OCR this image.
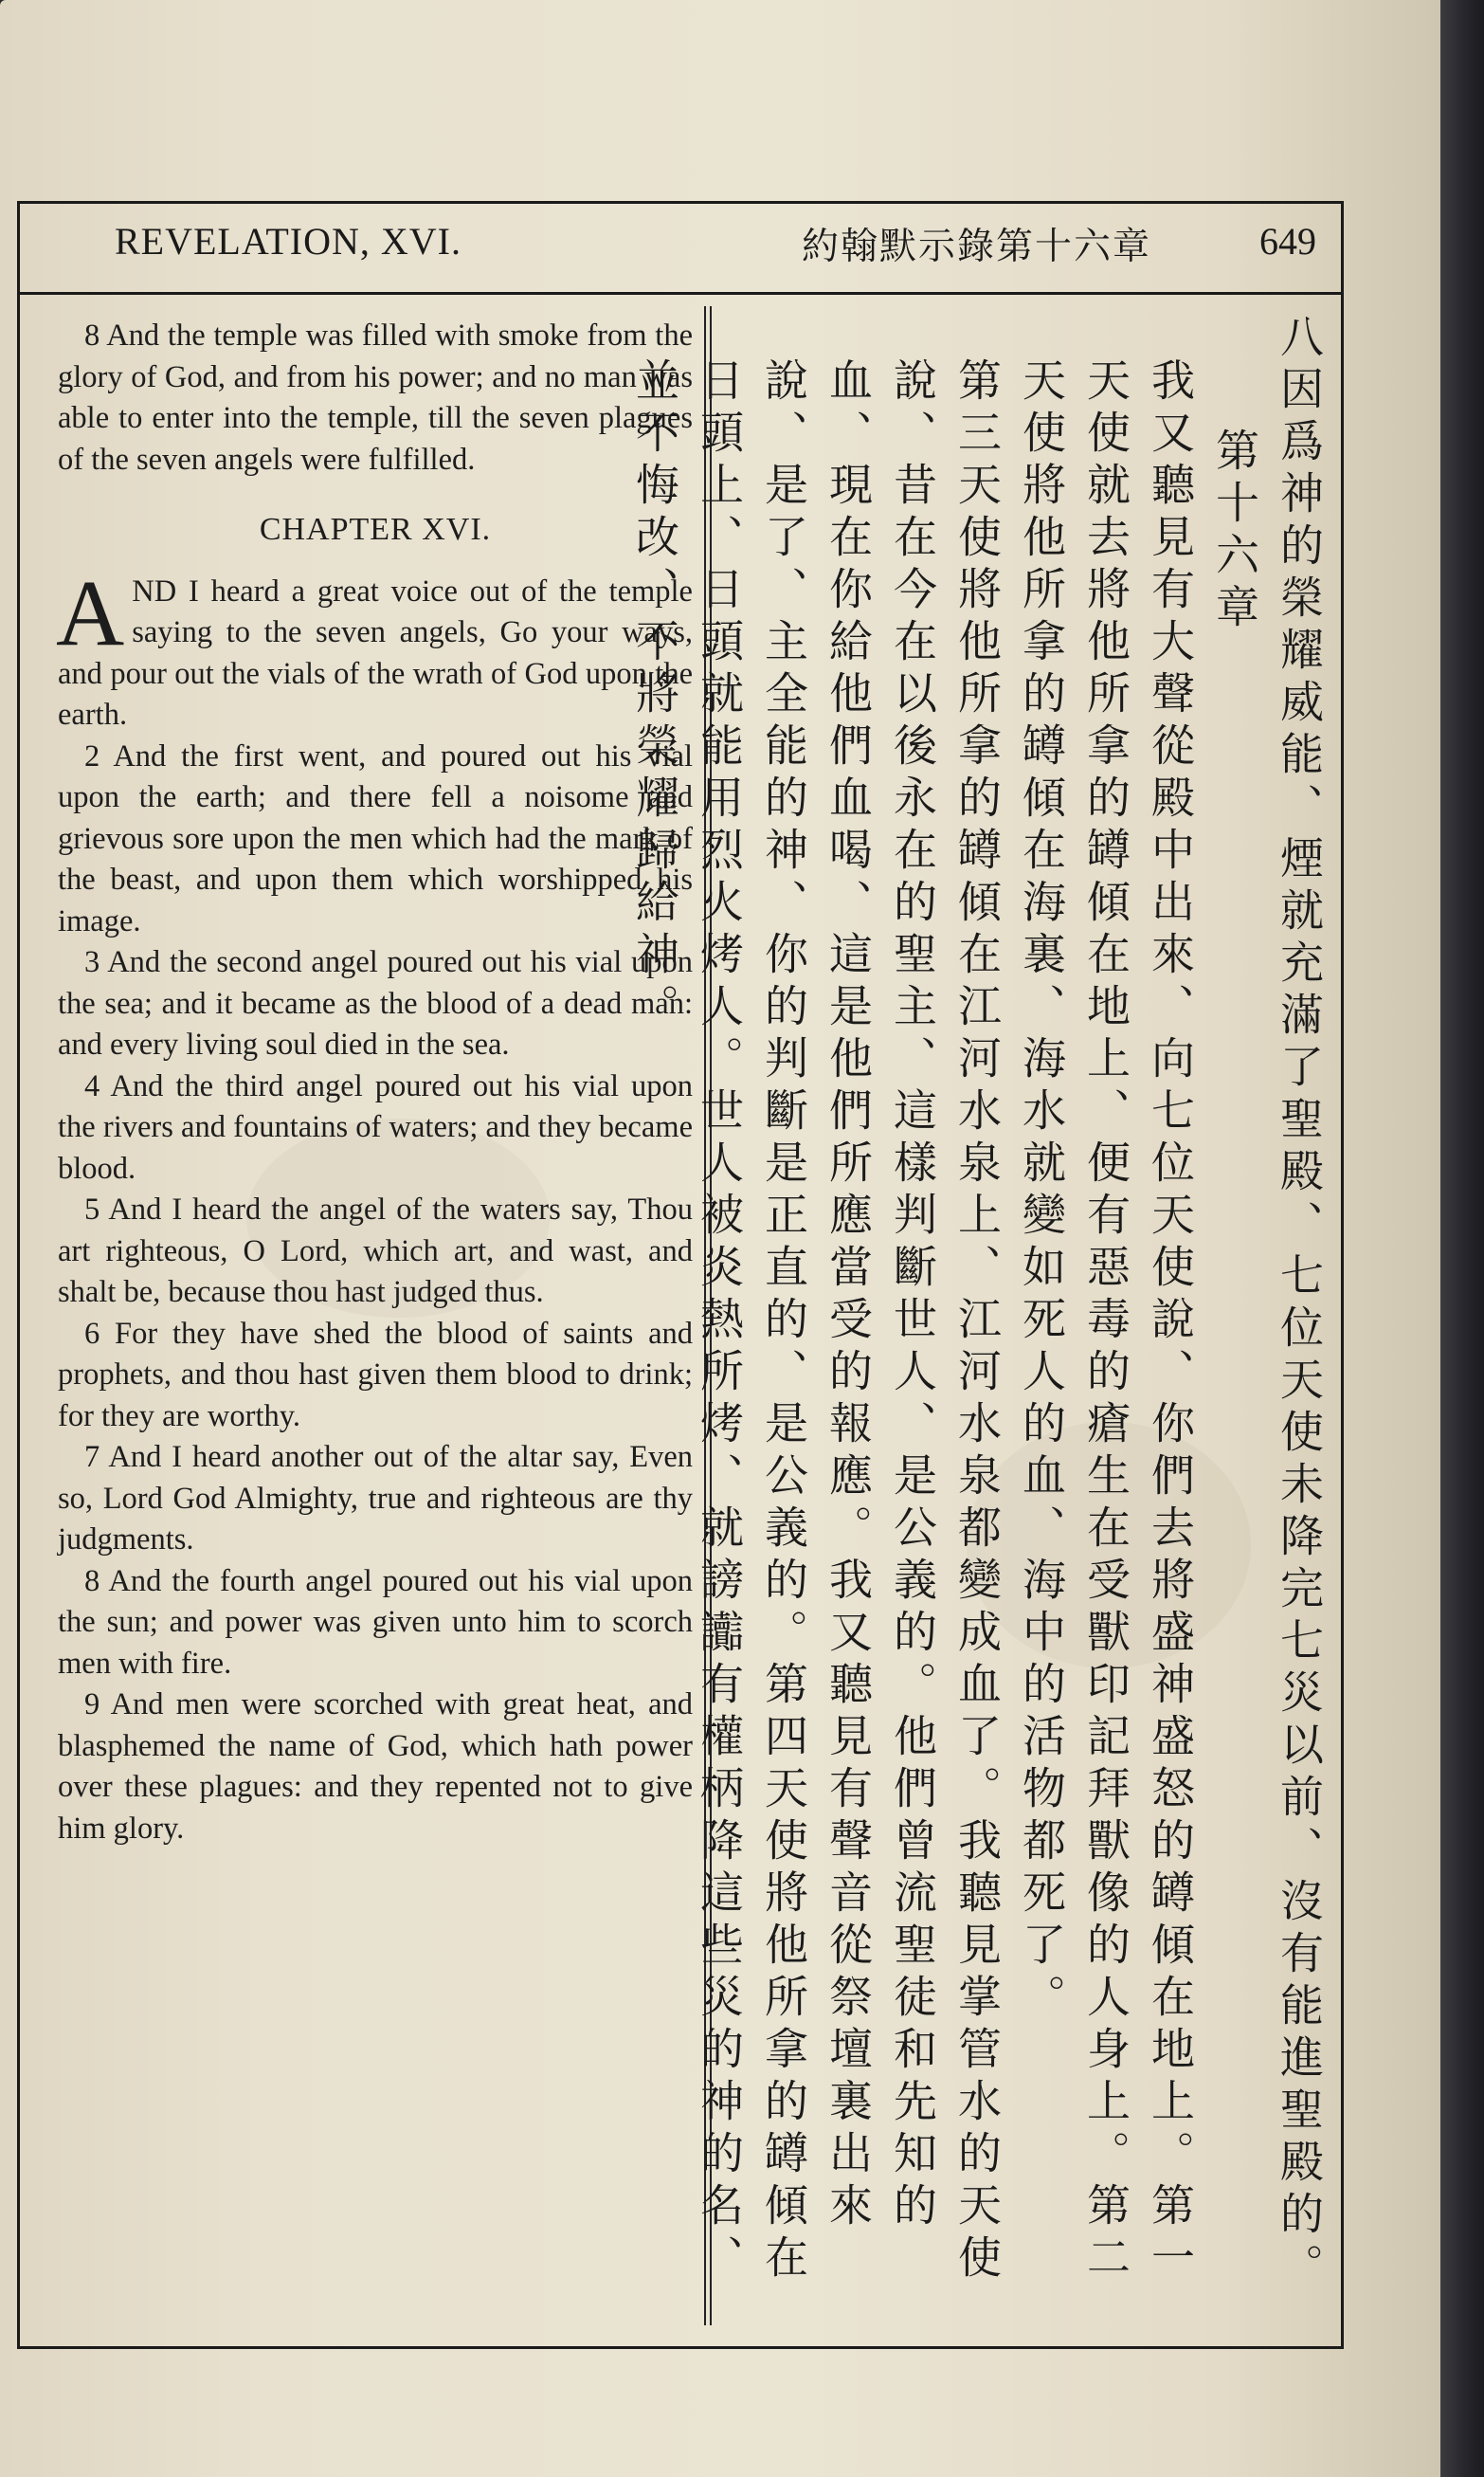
REVELATION, XVI.	約翰默示錄第十六章	649

8 And the temple was filled with smoke from the glory of God, and from his power; and no man was able to enter into the temple, till the seven plagues of the seven angels were fulfilled.

CHAPTER XVI.

AND I heard a great voice out of the temple saying to the seven angels, Go your ways, and pour out the vials of the wrath of God upon the earth.

2 And the first went, and poured out his vial upon the earth; and there fell a noisome and grievous sore upon the men which had the mark of the beast, and upon them which worshipped his image.

3 And the second angel poured out his vial upon the sea; and it became as the blood of a dead man: and every living soul died in the sea.

4 And the third angel poured out his vial upon the rivers and fountains of waters; and they became blood.

5 And I heard the angel of the waters say, Thou art righteous, O Lord, which art, and wast, and shalt be, because thou hast judged thus.

6 For they have shed the blood of saints and prophets, and thou hast given them blood to drink; for they are worthy.

7 And I heard another out of the altar say, Even so, Lord God Almighty, true and righteous are thy judgments.

8 And the fourth angel poured out his vial upon the sun; and power was given unto him to scorch men with fire.

9 And men were scorched with great heat, and blasphemed the name of God, which hath power over these plagues: and they repented not to give him glory.	八因爲神的榮耀威能、煙就充滿了聖殿、七位天使未降完七災以前、沒有能進聖殿的。

第十六章

我又聽見有大聲從殿中出來、向七位天使說、你們去將盛神盛怒的罇傾在地上。第一天使就去將他所拿的罇傾在地上、便有惡毒的瘡生在受獸印記拜獸像的人身上。第二天使將他所拿的罇傾在海裏、海水就變如死人的血、海中的活物都死了。

第三天使將他所拿的罇傾在江河水泉上、江河水泉都變成血了。我聽見掌管水的天使說、昔在今在以後永在的聖主、這樣判斷世人、是公義的。他們曾流聖徒和先知的血、現在你給他們血喝、這是他們所應當受的報應。我又聽見有聲音從祭壇裏出來說、是了、主全能的神、你的判斷是正直的、是公義的。第四天使將他所拿的罇傾在日頭上、日頭就能用烈火烤人。世人被炎熱所烤、就謗讟有權柄降這些災的神的名、並不悔改、不將榮耀歸給神。
